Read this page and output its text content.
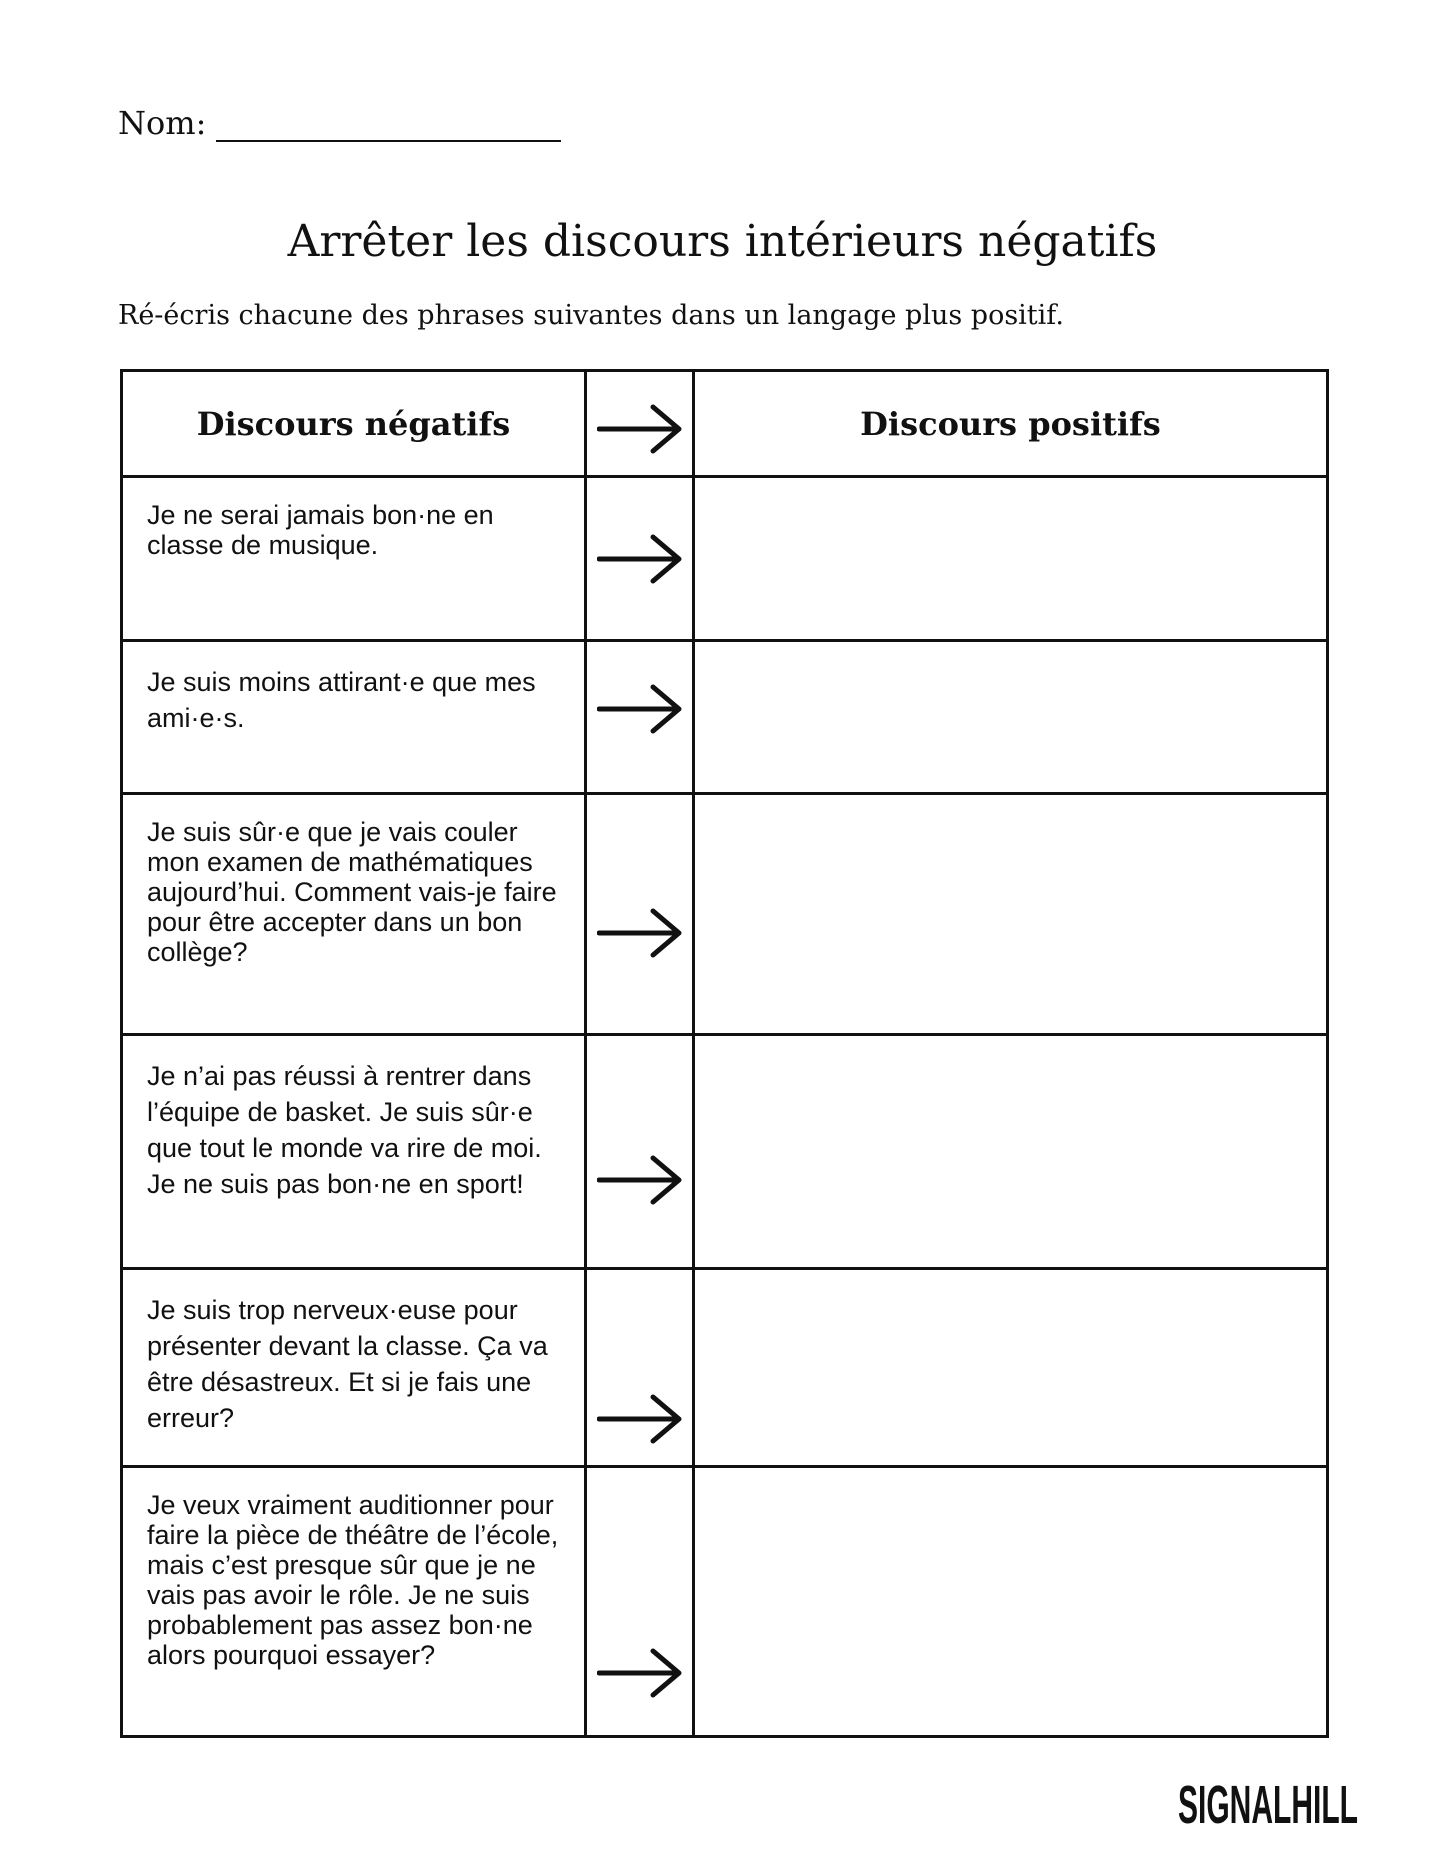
Nom:
Arrêter les discours intérieurs négatifs
Ré-écris chacune des phrases suivantes dans un langage plus positif.
Discours négatifs		Discours positifs
Je ne serai jamais bon·ne en classe de musique.	

Je suis moins attirant·e que mes ami·e·s.	

Je suis sûr·e que je vais couler mon examen de mathématiques aujourd’hui. Comment vais-je faire pour être accepter dans un bon collège?	

Je n’ai pas réussi à rentrer dans l’équipe de basket. Je suis sûr·e que tout le monde va rire de moi. Je ne suis pas bon·ne en sport!	

Je suis trop nerveux·euse pour présenter devant la classe. Ça va être désastreux. Et si je fais une erreur?	

Je veux vraiment auditionner pour faire la pièce de théâtre de l’école, mais c’est presque sûr que je ne vais pas avoir le rôle. Je ne suis probablement pas assez bon·ne alors pourquoi essayer?	

SIGNALHILL
